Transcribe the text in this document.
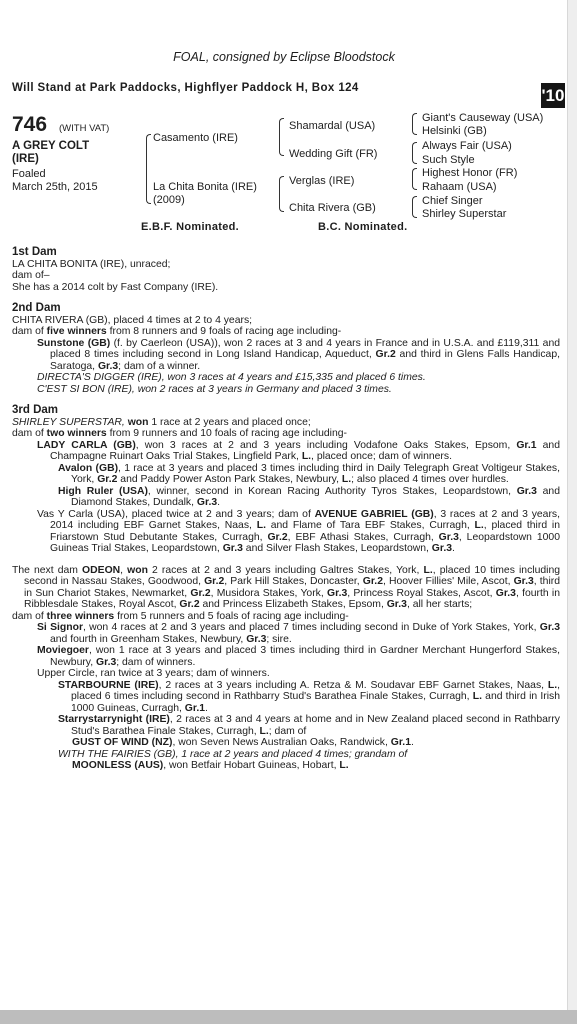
FOAL, consigned by Eclipse Bloodstock
Will Stand at Park Paddocks, Highflyer Paddock H, Box 124	'10
746 (WITH VAT)
A GREY COLT
(IRE)
Foaled
March 25th, 2015
Casamento (IRE)
La Chita Bonita (IRE)
(2009)
Shamardal (USA)
Wedding Gift (FR)
Verglas (IRE)
Chita Rivera (GB)
Giant's Causeway (USA)
Helsinki (GB)
Always Fair (USA)
Such Style
Highest Honor (FR)
Rahaam (USA)
Chief Singer
Shirley Superstar
E.B.F. Nominated.	B.C. Nominated.

1st Dam

LA CHITA BONITA (IRE), unraced;

dam of–

She has a 2014 colt by Fast Company (IRE).

2nd Dam

CHITA RIVERA (GB), placed 4 times at 2 to 4 years;

dam of five winners from 8 runners and 9 foals of racing age including-

Sunstone (GB) (f. by Caerleon (USA)), won 2 races at 3 and 4 years in France and in U.S.A. and £119,311 and placed 8 times including second in Long Island Handicap, Aqueduct, Gr.2 and third in Glens Falls Handicap, Saratoga, Gr.3; dam of a winner.

DIRECTA'S DIGGER (IRE), won 3 races at 4 years and £15,335 and placed 6 times.

C'EST SI BON (IRE), won 2 races at 3 years in Germany and placed 3 times.

3rd Dam

SHIRLEY SUPERSTAR, won 1 race at 2 years and placed once;

dam of two winners from 9 runners and 10 foals of racing age including-

LADY CARLA (GB), won 3 races at 2 and 3 years including Vodafone Oaks Stakes, Epsom, Gr.1 and Champagne Ruinart Oaks Trial Stakes, Lingfield Park, L., placed once; dam of winners.

Avalon (GB), 1 race at 3 years and placed 3 times including third in Daily Telegraph Great Voltigeur Stakes, York, Gr.2 and Paddy Power Aston Park Stakes, Newbury, L.; also placed 4 times over hurdles.

High Ruler (USA), winner, second in Korean Racing Authority Tyros Stakes, Leopardstown, Gr.3 and Diamond Stakes, Dundalk, Gr.3.

Vas Y Carla (USA), placed twice at 2 and 3 years; dam of AVENUE GABRIEL (GB), 3 races at 2 and 3 years, 2014 including EBF Garnet Stakes, Naas, L. and Flame of Tara EBF Stakes, Curragh, L., placed third in Friarstown Stud Debutante Stakes, Curragh, Gr.2, EBF Athasi Stakes, Curragh, Gr.3, Leopardstown 1000 Guineas Trial Stakes, Leopardstown, Gr.3 and Silver Flash Stakes, Leopardstown, Gr.3.

The next dam ODEON, won 2 races at 2 and 3 years including Galtres Stakes, York, L., placed 10 times including second in Nassau Stakes, Goodwood, Gr.2, Park Hill Stakes, Doncaster, Gr.2, Hoover Fillies' Mile, Ascot, Gr.3, third in Sun Chariot Stakes, Newmarket, Gr.2, Musidora Stakes, York, Gr.3, Princess Royal Stakes, Ascot, Gr.3, fourth in Ribblesdale Stakes, Royal Ascot, Gr.2 and Princess Elizabeth Stakes, Epsom, Gr.3, all her starts;

dam of three winners from 5 runners and 5 foals of racing age including-

Si Signor, won 4 races at 2 and 3 years and placed 7 times including second in Duke of York Stakes, York, Gr.3 and fourth in Greenham Stakes, Newbury, Gr.3; sire.

Moviegoer, won 1 race at 3 years and placed 3 times including third in Gardner Merchant Hungerford Stakes, Newbury, Gr.3; dam of winners.

Upper Circle, ran twice at 3 years; dam of winners.

STARBOURNE (IRE), 2 races at 3 years including A. Retza & M. Soudavar EBF Garnet Stakes, Naas, L., placed 6 times including second in Rathbarry Stud's Barathea Finale Stakes, Curragh, L. and third in Irish 1000 Guineas, Curragh, Gr.1.

Starrystarrynight (IRE), 2 races at 3 and 4 years at home and in New Zealand placed second in Rathbarry Stud's Barathea Finale Stakes, Curragh, L.; dam of

GUST OF WIND (NZ), won Seven News Australian Oaks, Randwick, Gr.1.

WITH THE FAIRIES (GB), 1 race at 2 years and placed 4 times; grandam of

MOONLESS (AUS), won Betfair Hobart Guineas, Hobart, L.
